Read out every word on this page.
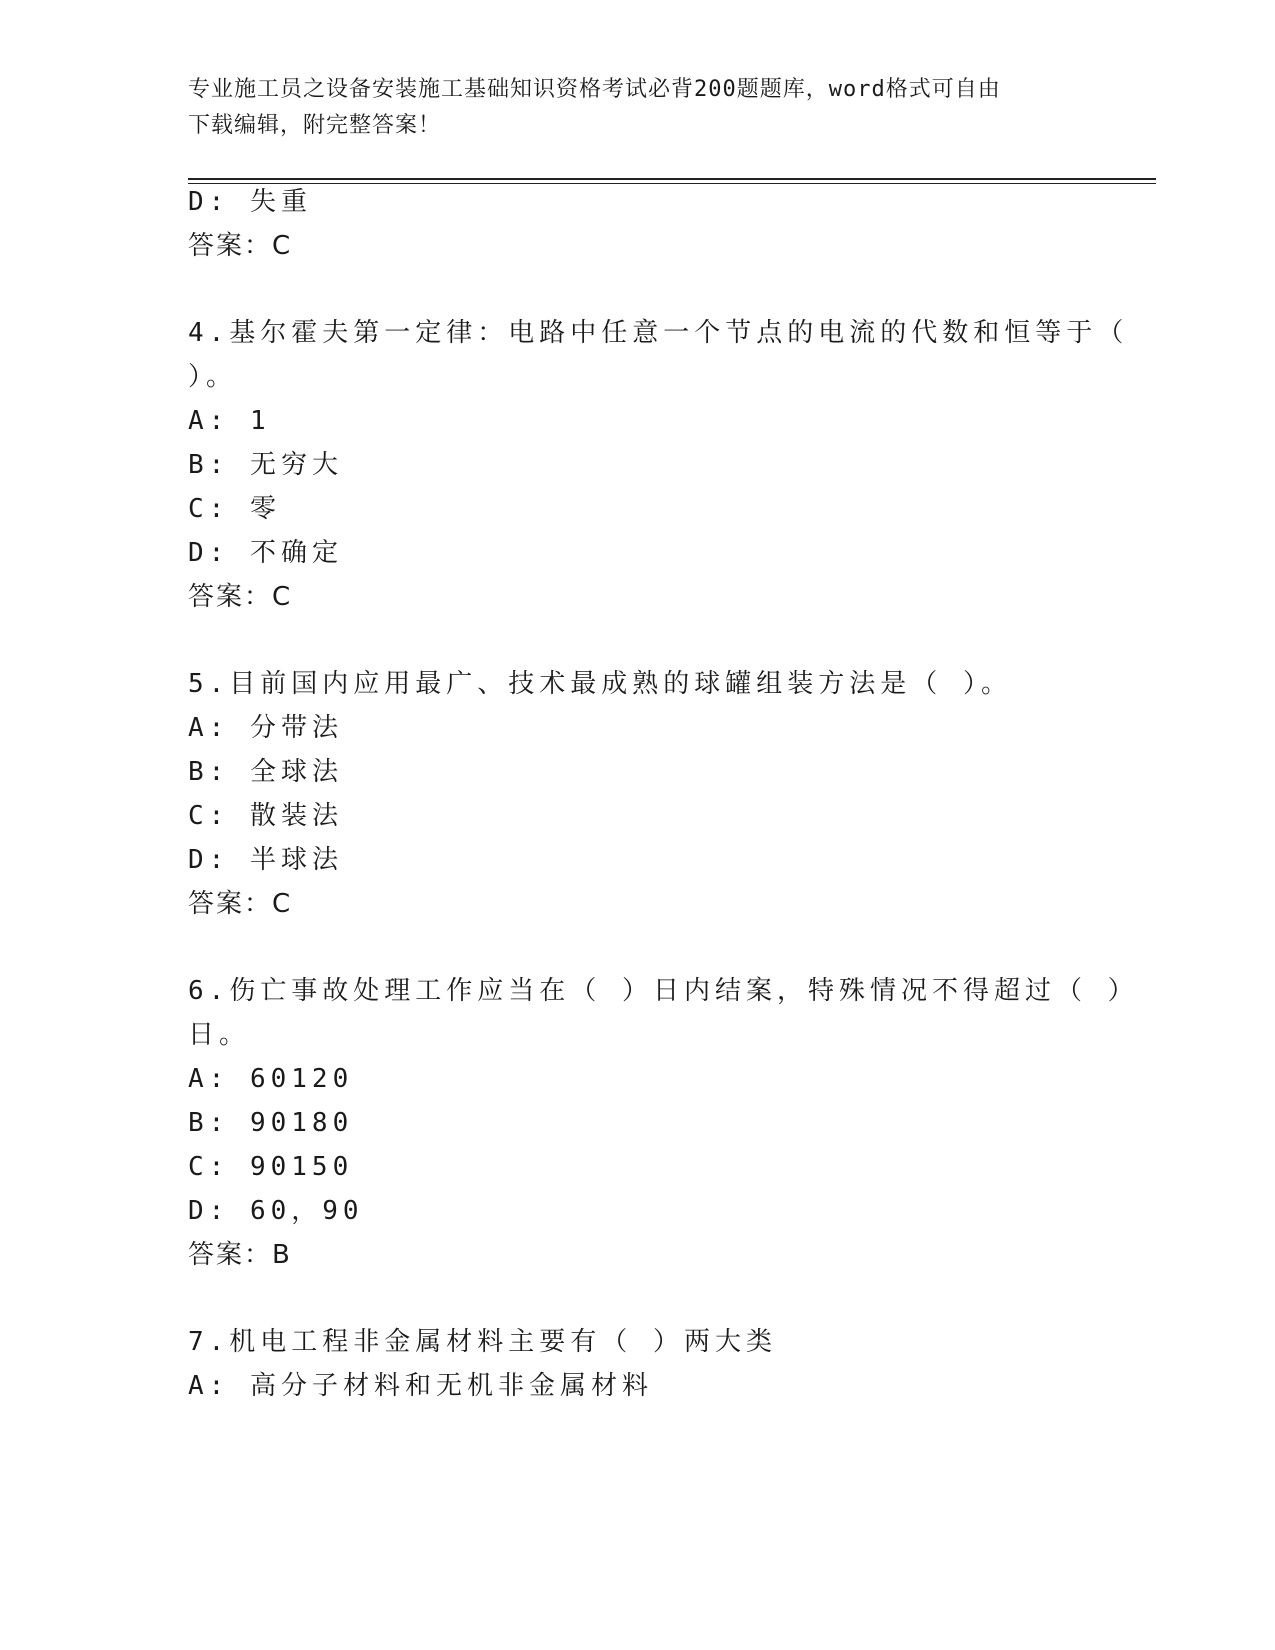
专业施工员之设备安装施工基础知识资格考试必背200题题库，word格式可自由
下载编辑，附完整答案！
D: 失重
答案：C
4.基尔霍夫第一定律：电路中任意一个节点的电流的代数和恒等于（
）。
A: 1
B: 无穷大
C: 零
D: 不确定
答案：C
5.目前国内应用最广、技术最成熟的球罐组装方法是（ ）。
A: 分带法
B: 全球法
C: 散装法
D: 半球法
答案：C
6.伤亡事故处理工作应当在（ ）日内结案，特殊情况不得超过（ ）
日。
A: 60120
B: 90180
C: 90150
D: 60，90
答案：B
7.机电工程非金属材料主要有（ ）两大类
A: 高分子材料和无机非金属材料
